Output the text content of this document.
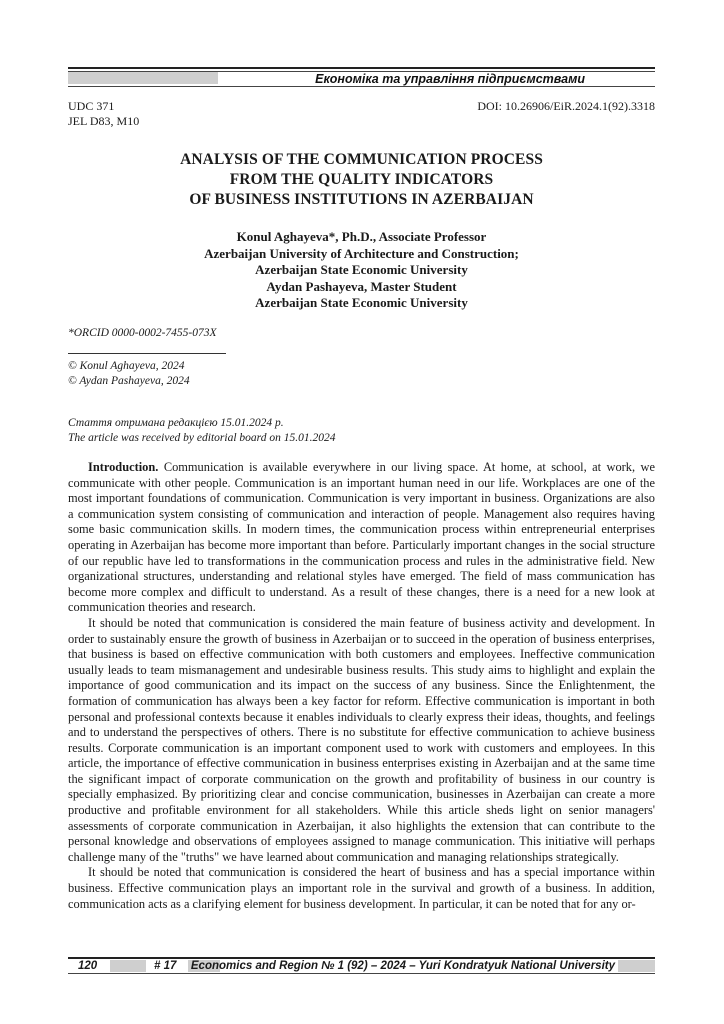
Економіка та управління підприємствами
UDC 371
JEL D83, M10
DOI: 10.26906/EiR.2024.1(92).3318
ANALYSIS OF THE COMMUNICATION PROCESS
FROM THE QUALITY INDICATORS
OF BUSINESS INSTITUTIONS IN AZERBAIJAN
Konul Aghayeva*, Ph.D., Associate Professor
Azerbaijan University of Architecture and Construction;
Azerbaijan State Economic University
Aydan Pashayeva, Master Student
Azerbaijan State Economic University
*ORCID 0000-0002-7455-073X
© Konul Aghayeva, 2024
© Aydan Pashayeva, 2024
Стаття отримана редакцією 15.01.2024 р.
The article was received by editorial board on 15.01.2024

Introduction. Communication is available everywhere in our living space. At home, at school, at work, we communicate with other people. Communication is an important human need in our life. Workplaces are one of the most important foundations of communication. Communication is very important in business. Organizations are also a communication system consisting of communication and interaction of people. Management also requires having some basic communication skills. In modern times, the communication process within entrepreneurial enterprises operating in Azerbaijan has become more important than before. Particularly important changes in the social structure of our republic have led to transformations in the communication process and rules in the administrative field. New organizational structures, understanding and relational styles have emerged. The field of mass communication has become more complex and difficult to understand. As a result of these changes, there is a need for a new look at communication theories and research.

It should be noted that communication is considered the main feature of business activity and development. In order to sustainably ensure the growth of business in Azerbaijan or to succeed in the operation of business enterprises, that business is based on effective communication with both customers and employees. Ineffective communication usually leads to team mismanagement and undesirable business results. This study aims to highlight and explain the importance of good communication and its impact on the success of any business. Since the Enlightenment, the formation of communication has always been a key factor for reform. Effective communication is important in both personal and professional contexts because it enables individuals to clearly express their ideas, thoughts, and feelings and to understand the perspectives of others. There is no substitute for effective communication to achieve business results. Corporate communication is an important component used to work with customers and employees. In this article, the importance of effective communication in business enterprises existing in Azerbaijan and at the same time the significant impact of corporate communication on the growth and profitability of business in our country is specially emphasized. By prioritizing clear and concise communication, businesses in Azerbaijan can create a more productive and profitable environment for all stakeholders. While this article sheds light on senior managers' assessments of corporate communication in Azerbaijan, it also highlights the extension that can contribute to the personal knowledge and observations of employees assigned to manage communication. This initiative will perhaps challenge many of the "truths" we have learned about communication and managing relationships strategically.

It should be noted that communication is considered the heart of business and has a special importance within business. Effective communication plays an important role in the survival and growth of a business. In addition, communication acts as a clarifying element for business development. In particular, it can be noted that for any or-

120	# 17 Economics and Region № 1 (92) – 2024 – Yuri Kondratyuk National University
